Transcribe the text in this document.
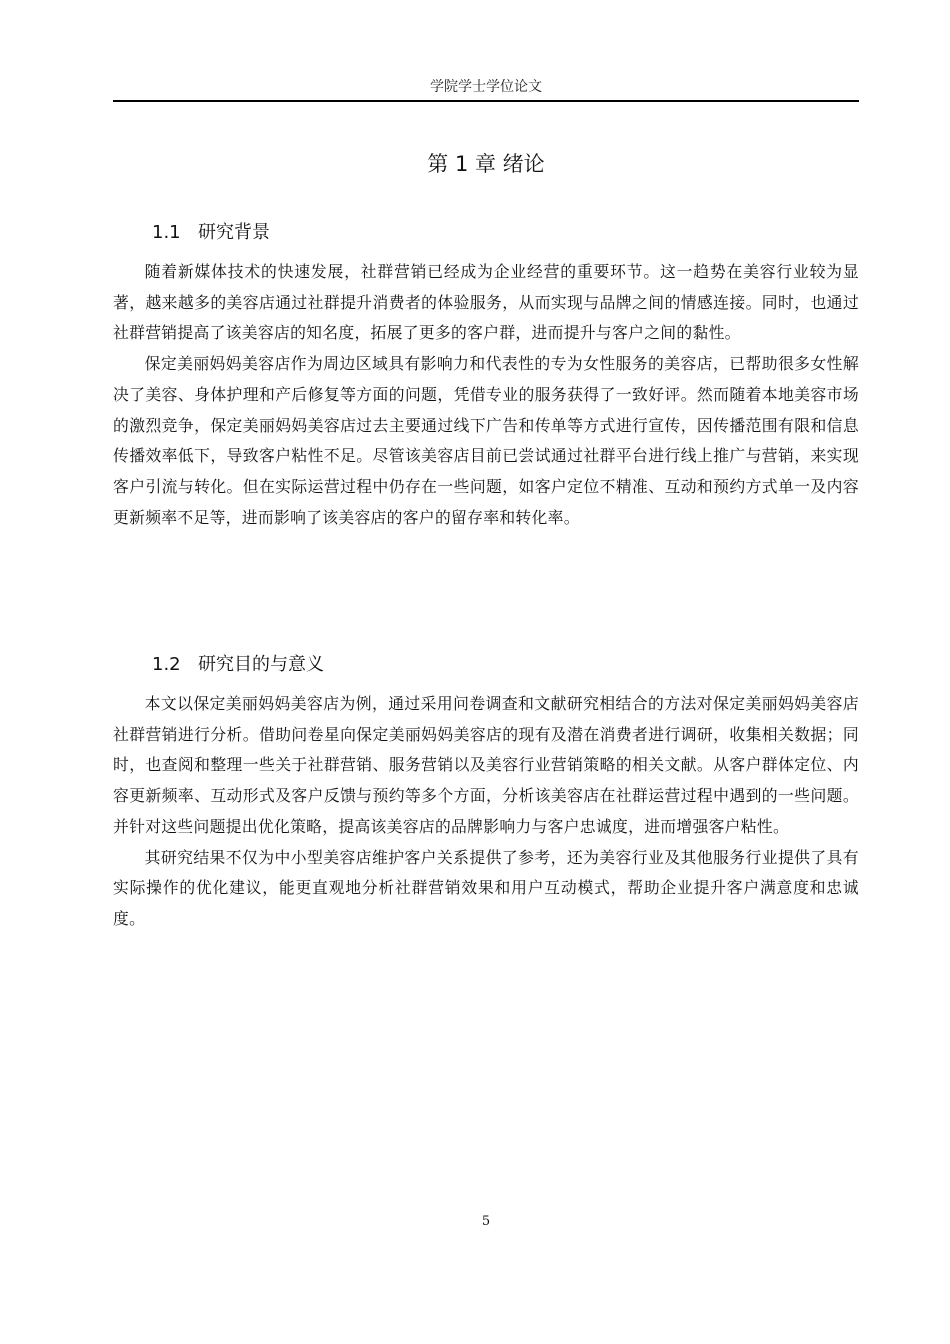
学院学士学位论文
第 1 章 绪论
1.1 研究背景

随着新媒体技术的快速发展，社群营销已经成为企业经营的重要环节。这一趋势在美容行业较为显著，越来越多的美容店通过社群提升消费者的体验服务，从而实现与品牌之间的情感连接。同时，也通过社群营销提高了该美容店的知名度，拓展了更多的客户群，进而提升与客户之间的黏性。

保定美丽妈妈美容店作为周边区域具有影响力和代表性的专为女性服务的美容店，已帮助很多女性解决了美容、身体护理和产后修复等方面的问题，凭借专业的服务获得了一致好评。然而随着本地美容市场的激烈竞争，保定美丽妈妈美容店过去主要通过线下广告和传单等方式进行宣传，因传播范围有限和信息传播效率低下，导致客户粘性不足。尽管该美容店目前已尝试通过社群平台进行线上推广与营销，来实现客户引流与转化。但在实际运营过程中仍存在一些问题，如客户定位不精准、互动和预约方式单一及内容更新频率不足等，进而影响了该美容店的客户的留存率和转化率。

1.2 研究目的与意义

本文以保定美丽妈妈美容店为例，通过采用问卷调查和文献研究相结合的方法对保定美丽妈妈美容店社群营销进行分析。借助问卷星向保定美丽妈妈美容店的现有及潜在消费者进行调研，收集相关数据；同时，也查阅和整理一些关于社群营销、服务营销以及美容行业营销策略的相关文献。从客户群体定位、内容更新频率、互动形式及客户反馈与预约等多个方面，分析该美容店在社群运营过程中遇到的一些问题。并针对这些问题提出优化策略，提高该美容店的品牌影响力与客户忠诚度，进而增强客户粘性。

其研究结果不仅为中小型美容店维护客户关系提供了参考，还为美容行业及其他服务行业提供了具有实际操作的优化建议，能更直观地分析社群营销效果和用户互动模式，帮助企业提升客户满意度和忠诚度。

5
